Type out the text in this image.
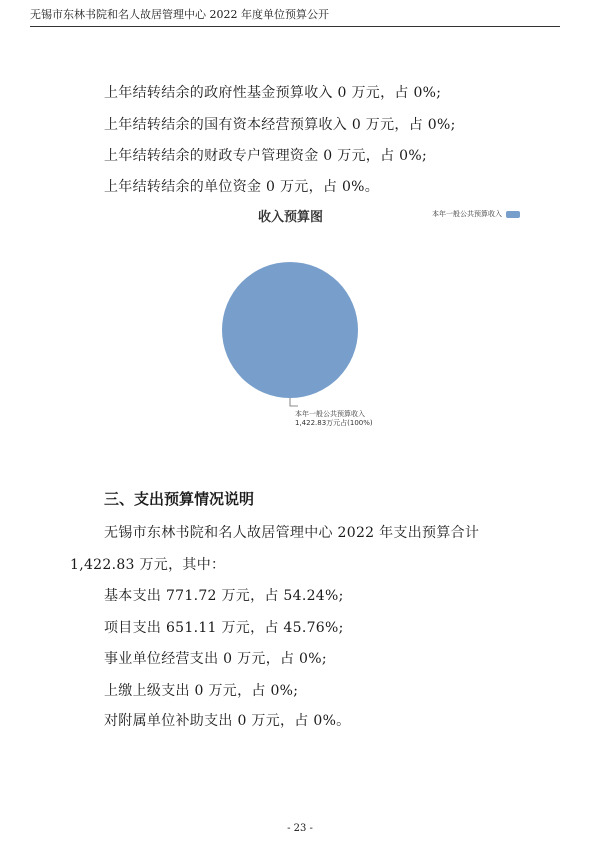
无锡市东林书院和名人故居管理中心 2022 年度单位预算公开
上年结转结余的政府性基金预算收入 0 万元，占 0%;
上年结转结余的国有资本经营预算收入 0 万元，占 0%;
上年结转结余的财政专户管理资金 0 万元，占 0%;
上年结转结余的单位资金 0 万元，占 0%。
收入预算图	本年一般公共预算收入
本年一般公共预算收入
1,422.83万元占(100%)
三、支出预算情况说明
无锡市东林书院和名人故居管理中心 2022 年支出预算合计
1,422.83 万元，其中：
基本支出 771.72 万元，占 54.24%;
项目支出 651.11 万元，占 45.76%;
事业单位经营支出 0 万元，占 0%;
上缴上级支出 0 万元，占 0%;
对附属单位补助支出 0 万元，占 0%。
- 23 -
